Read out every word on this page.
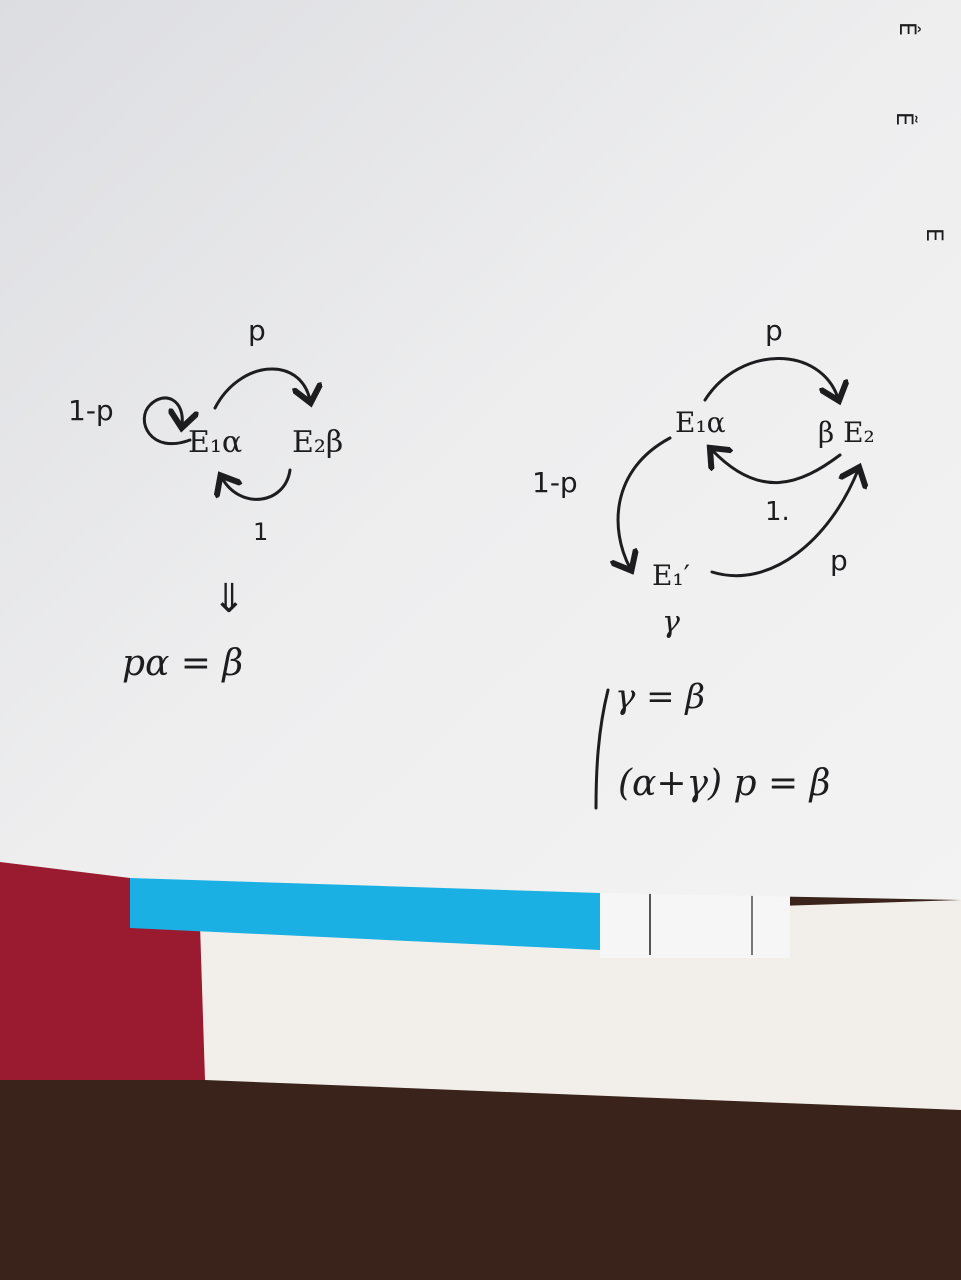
Ê
Ẽ
E
p
1-p
E₁α E₂β
1
⇓
pα = β
p
E₁α	β E₂
1.
1-p
E₁′
γ
p
γ = β
(α+γ) p = β
